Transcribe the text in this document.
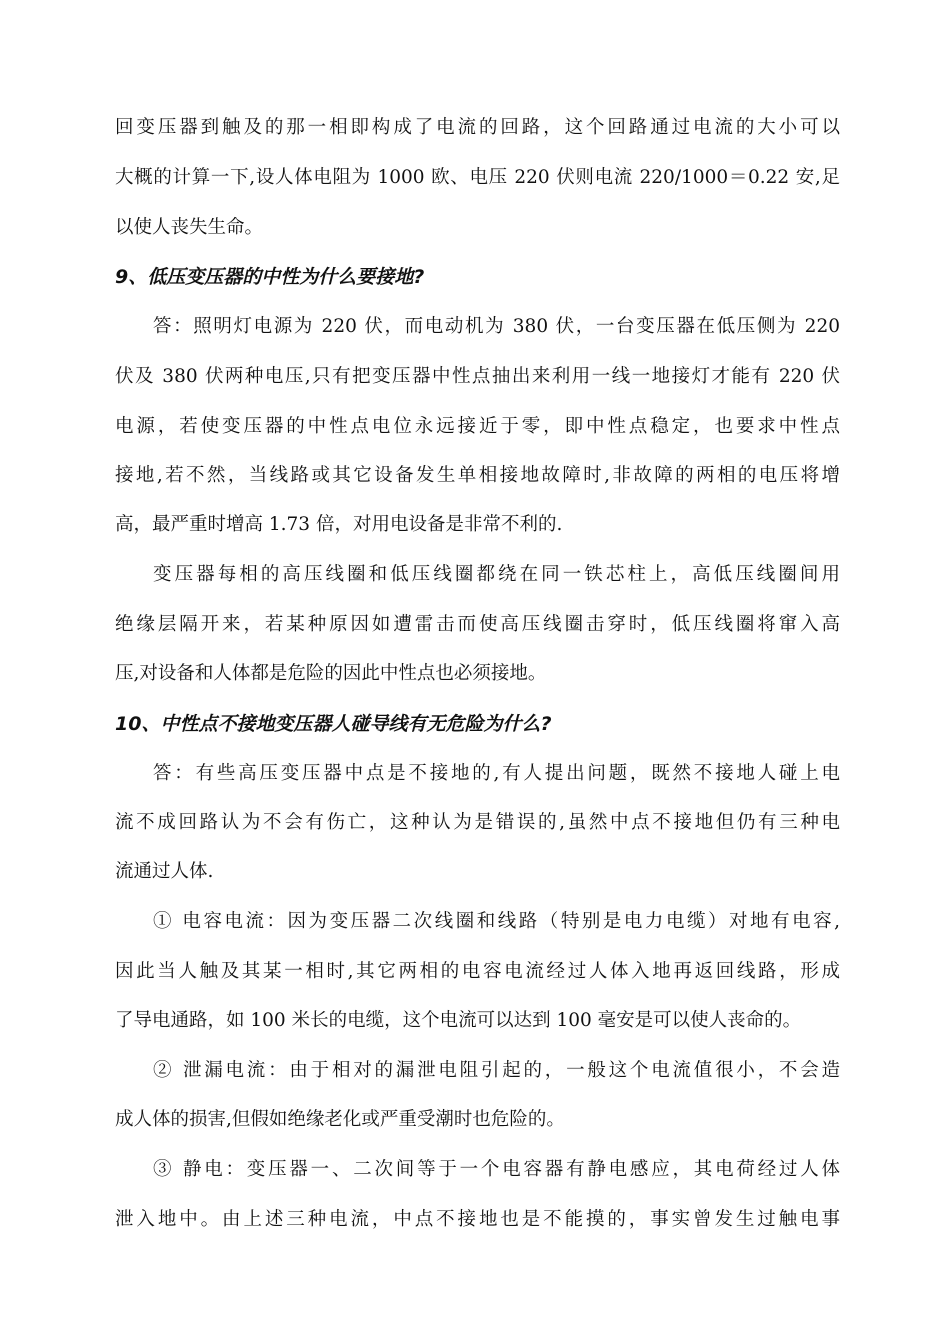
回变压器到触及的那一相即构成了电流的回路，这个回路通过电流的大小可以
大概的计算一下,设人体电阻为 1000 欧、电压 220 伏则电流 220/1000＝0.22 安,足
以使人丧失生命。
9、低压变压器的中性为什么要接地?
答：照明灯电源为 220 伏，而电动机为 380 伏，一台变压器在低压侧为 220
伏及 380 伏两种电压,只有把变压器中性点抽出来利用一线一地接灯才能有 220 伏
电源，若使变压器的中性点电位永远接近于零，即中性点稳定，也要求中性点
接地,若不然，当线路或其它设备发生单相接地故障时,非故障的两相的电压将增
高，最严重时增高 1.73 倍，对用电设备是非常不利的.
变压器每相的高压线圈和低压线圈都绕在同一铁芯柱上，高低压线圈间用
绝缘层隔开来，若某种原因如遭雷击而使高压线圈击穿时，低压线圈将窜入高
压,对设备和人体都是危险的因此中性点也必须接地。
10、中性点不接地变压器人碰导线有无危险为什么?
答：有些高压变压器中点是不接地的,有人提出问题，既然不接地人碰上电
流不成回路认为不会有伤亡，这种认为是错误的,虽然中点不接地但仍有三种电
流通过人体.
① 电容电流：因为变压器二次线圈和线路（特别是电力电缆）对地有电容,
因此当人触及其某一相时,其它两相的电容电流经过人体入地再返回线路，形成
了导电通路，如 100 米长的电缆，这个电流可以达到 100 毫安是可以使人丧命的。
② 泄漏电流：由于相对的漏泄电阻引起的，一般这个电流值很小，不会造
成人体的损害,但假如绝缘老化或严重受潮时也危险的。
③ 静电：变压器一、二次间等于一个电容器有静电感应，其电荷经过人体
泄入地中。由上述三种电流，中点不接地也是不能摸的，事实曾发生过触电事
